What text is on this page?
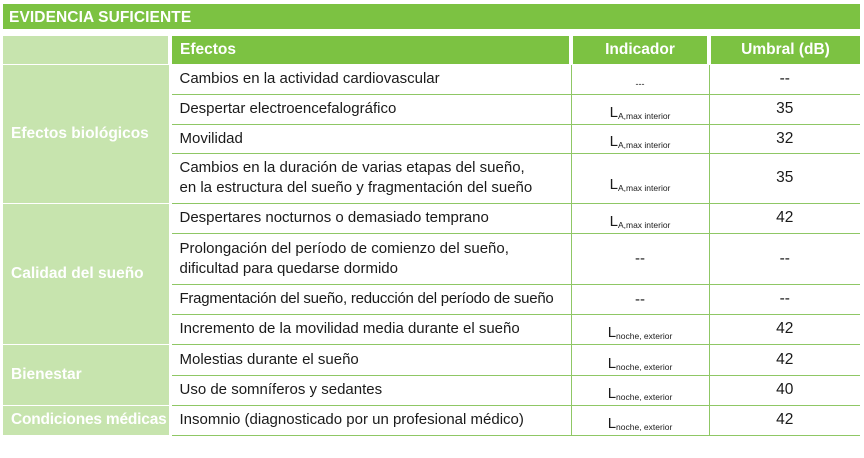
EVIDENCIA SUFICIENTE
	Efectos	Indicador	Umbral (dB)
Efectos biológicos	Cambios en la actividad cardiovascular	---	--
	Despertar electroencefalográfico	$L_{A,max interior}$	35
	Movilidad	$L_{A,max interior}$	32
	Cambios en la duración de varias etapas del sueño,
en la estructura del sueño y fragmentación del sueño	$L_{A,max interior}$	35
Calidad del sueño	Despertares nocturnos o demasiado temprano	$L_{A,max interior}$	42
	Prolongación del período de comienzo del sueño,
dificultad para quedarse dormido	--	--
	Fragmentación del sueño, reducción del período de sueño	--	--
	Incremento de la movilidad media durante el sueño	$L_{noche, exterior}$	42
Bienestar	Molestias durante el sueño	$L_{noche, exterior}$	42
	Uso de somníferos y sedantes	$L_{noche, exterior}$	40
Condiciones médicas	Insomnio (diagnosticado por un profesional médico)	$L_{noche, exterior}$	42
